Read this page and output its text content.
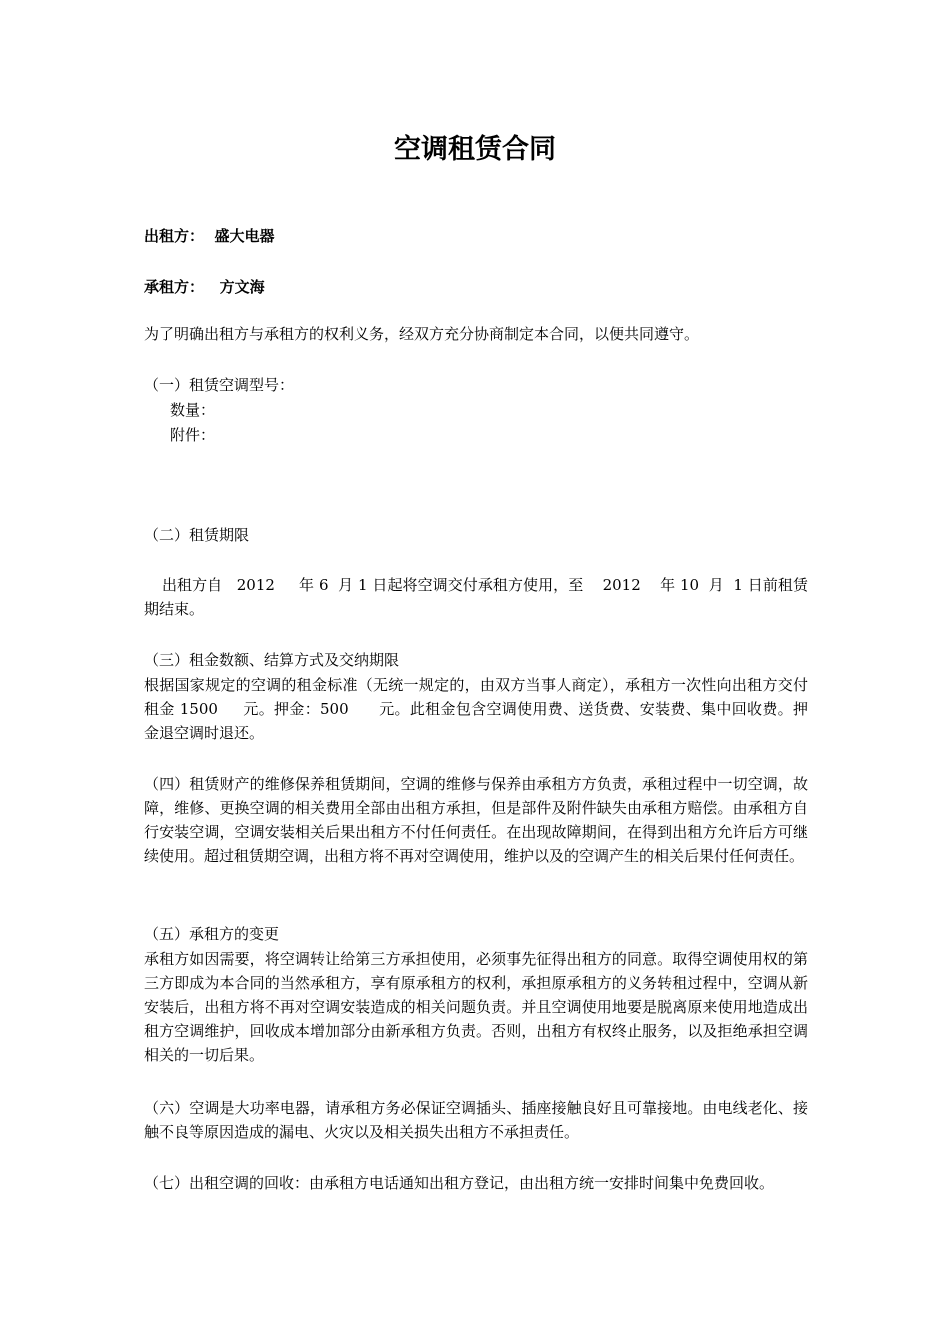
空调租赁合同
出租方：  盛大电器
承租方：   方文海
为了明确出租方与承租方的权利义务，经双方充分协商制定本合同，以便共同遵守。
（一）租赁空调型号：
数量：
附件：
（二）租赁期限
出租方自   2012     年 6  月 1 日起将空调交付承租方使用，至    2012    年 10  月  1 日前租赁期结束。
（三）租金数额、结算方式及交纳期限
根据国家规定的空调的租金标准（无统一规定的，由双方当事人商定），承租方一次性向出租方交付租金 1500     元。押金：500      元。此租金包含空调使用费、送货费、安装费、集中回收费。押金退空调时退还。
（四）租赁财产的维修保养租赁期间，空调的维修与保养由承租方方负责，承租过程中一切空调，故障，维修、更换空调的相关费用全部由出租方承担，但是部件及附件缺失由承租方赔偿。由承租方自行安装空调，空调安装相关后果出租方不付任何责任。在出现故障期间，在得到出租方允许后方可继续使用。超过租赁期空调，出租方将不再对空调使用，维护以及的空调产生的相关后果付任何责任。
（五）承租方的变更
承租方如因需要，将空调转让给第三方承担使用，必须事先征得出租方的同意。取得空调使用权的第三方即成为本合同的当然承租方，享有原承租方的权利，承担原承租方的义务转租过程中，空调从新安装后，出租方将不再对空调安装造成的相关问题负责。并且空调使用地要是脱离原来使用地造成出租方空调维护，回收成本增加部分由新承租方负责。否则，出租方有权终止服务，以及拒绝承担空调相关的一切后果。
（六）空调是大功率电器，请承租方务必保证空调插头、插座接触良好且可靠接地。由电线老化、接触不良等原因造成的漏电、火灾以及相关损失出租方不承担责任。
（七）出租空调的回收：由承租方电话通知出租方登记，由出租方统一安排时间集中免费回收。
